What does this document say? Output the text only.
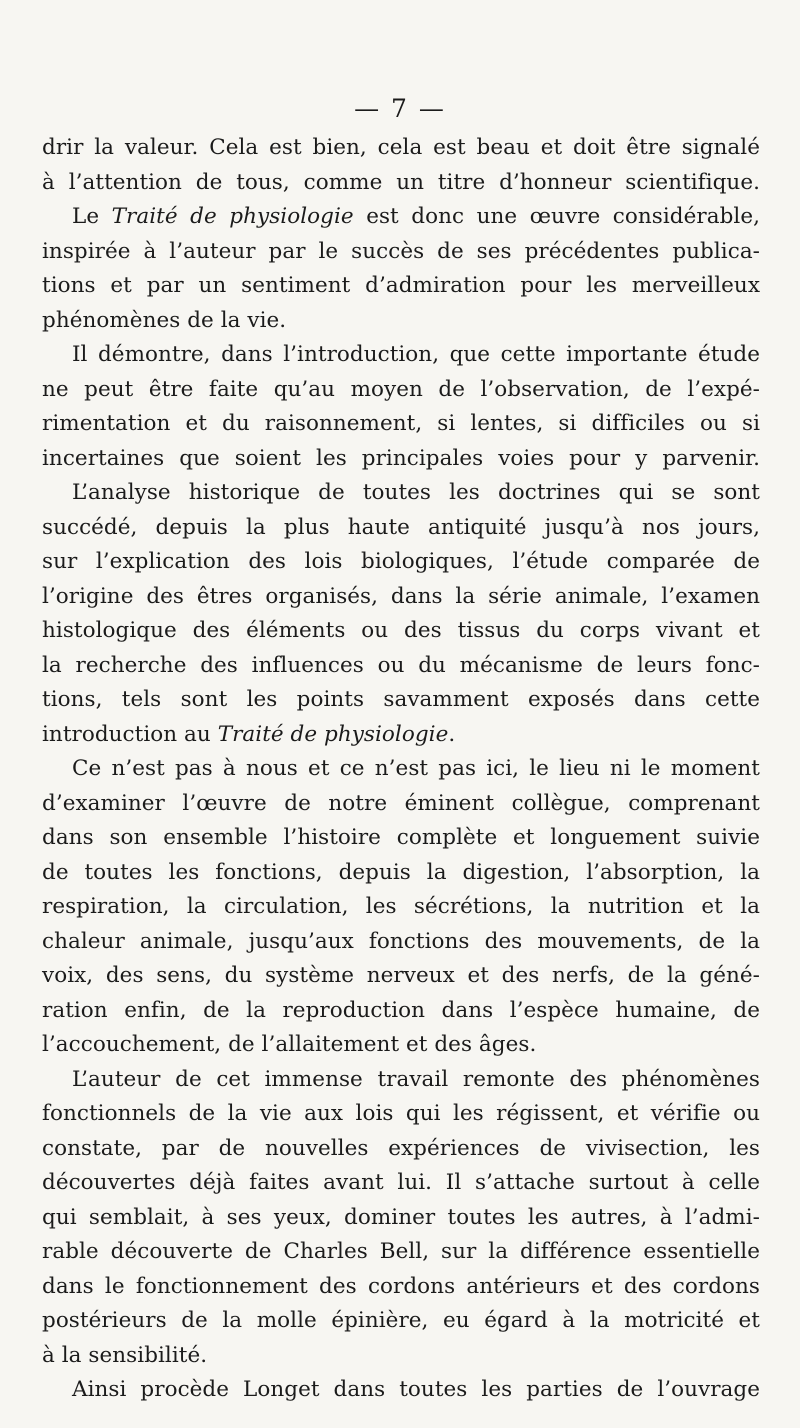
— 7 —
drir la valeur. Cela est bien, cela est beau et doit être signalé
à l’attention de tous, comme un titre d’honneur scientifique.
Le Traité de physiologie est donc une œuvre considérable,
inspirée à l’auteur par le succès de ses précédentes publica-
tions et par un sentiment d’admiration pour les merveilleux
phénomènes de la vie.
Il démontre, dans l’introduction, que cette importante étude
ne peut être faite qu’au moyen de l’observation, de l’expé-
rimentation et du raisonnement, si lentes, si difficiles ou si
incertaines que soient les principales voies pour y parvenir.
L’analyse historique de toutes les doctrines qui se sont
succédé, depuis la plus haute antiquité jusqu’à nos jours,
sur l’explication des lois biologiques, l’étude comparée de
l’origine des êtres organisés, dans la série animale, l’examen
histologique des éléments ou des tissus du corps vivant et
la recherche des influences ou du mécanisme de leurs fonc-
tions, tels sont les points savamment exposés dans cette
introduction au Traité de physiologie.
Ce n’est pas à nous et ce n’est pas ici, le lieu ni le moment
d’examiner l’œuvre de notre éminent collègue, comprenant
dans son ensemble l’histoire complète et longuement suivie
de toutes les fonctions, depuis la digestion, l’absorption, la
respiration, la circulation, les sécrétions, la nutrition et la
chaleur animale, jusqu’aux fonctions des mouvements, de la
voix, des sens, du système nerveux et des nerfs, de la géné-
ration enfin, de la reproduction dans l’espèce humaine, de
l’accouchement, de l’allaitement et des âges.
L’auteur de cet immense travail remonte des phénomènes
fonctionnels de la vie aux lois qui les régissent, et vérifie ou
constate, par de nouvelles expériences de vivisection, les
découvertes déjà faites avant lui. Il s’attache surtout à celle
qui semblait, à ses yeux, dominer toutes les autres, à l’admi-
rable découverte de Charles Bell, sur la différence essentielle
dans le fonctionnement des cordons antérieurs et des cordons
postérieurs de la molle épinière, eu égard à la motricité et
à la sensibilité.
Ainsi procède Longet dans toutes les parties de l’ouvrage
